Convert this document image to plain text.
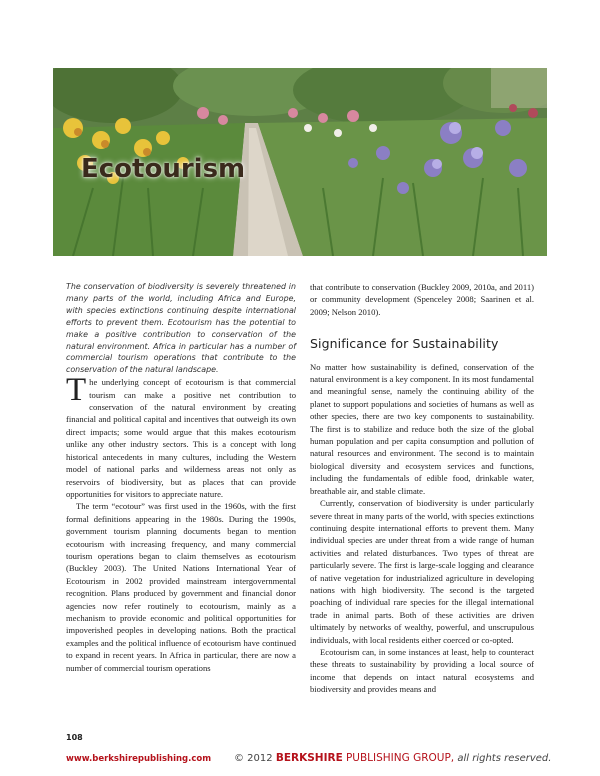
Ecotourism

The conservation of biodiversity is severely threatened in many parts of the world, including Africa and Europe, with species extinctions continuing despite international efforts to prevent them. Ecotourism has the potential to make a positive contribution to conservation of the natural environment. Africa in particular has a number of commercial tourism operations that contribute to the conservation of the natural landscape.

The underlying concept of ecotourism is that commercial tourism can make a positive net contribution to conservation of the natural environment by creating financial and political capital and incentives that outweigh its own direct impacts; some would argue that this makes ecotourism unlike any other industry sectors. This is a concept with long historical antecedents in many cultures, including the Western model of national parks and wilderness areas not only as reservoirs of biodiversity, but as places that can provide opportunities for visitors to appreciate nature.

The term “ecotour” was first used in the 1960s, with the first formal definitions appearing in the 1980s. During the 1990s, government tourism planning documents began to mention ecotourism with increasing frequency, and many commercial tourism operations began to claim themselves as ecotourism (Buckley 2003). The United Nations International Year of Ecotourism in 2002 provided mainstream intergovernmental recognition. Plans produced by government and financial donor agencies now refer routinely to ecotourism, mainly as a mechanism to provide economic and political opportunities for impoverished peoples in developing nations. Both the practical examples and the political influence of ecotourism have continued to expand in recent years. In Africa in particular, there are now a number of commercial tourism operations

that contribute to conservation (Buckley 2009, 2010a, and 2011) or community development (Spenceley 2008; Saarinen et al. 2009; Nelson 2010).

Significance for Sustainability

No matter how sustainability is defined, conservation of the natural environment is a key component. In its most fundamental and meaningful sense, namely the continuing ability of the planet to support populations and societies of humans as well as other species, there are two key components to sustainability. The first is to stabilize and reduce both the size of the global human population and per capita consumption and pollution of natural resources and environment. The second is to maintain biological diversity and ecosystem services and functions, including the fundamentals of edible food, drinkable water, breathable air, and stable climate.

Currently, conservation of biodiversity is under particularly severe threat in many parts of the world, with species extinctions continuing despite international efforts to prevent them. Many individual species are under threat from a wide range of human activities and related disturbances. Two types of threat are particularly severe. The first is large-scale logging and clearance of native vegetation for industrialized agriculture in developing nations with high biodiversity. The second is the targeted poaching of individual rare species for the illegal international trade in animal parts. Both of these activities are driven ultimately by networks of wealthy, powerful, and unscrupulous individuals, with local residents either coerced or co-opted.

Ecotourism can, in some instances at least, help to counteract these threats to sustainability by providing a local source of income that depends on intact natural ecosystems and biodiversity and provides means and

108
www.berkshirepublishing.com © 2012 BERKSHIRE PUBLISHING GROUP, all rights reserved.
